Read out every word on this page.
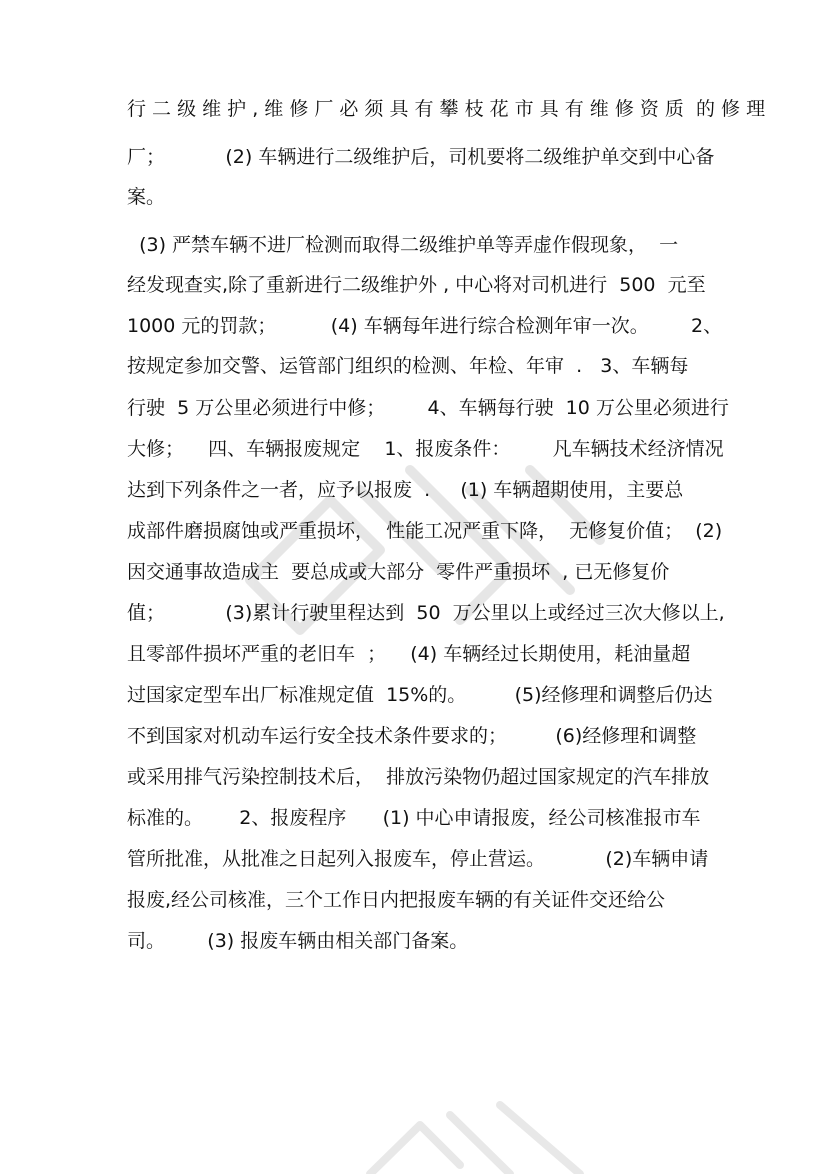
行 二 级 维 护 , 维 修 厂 必 须 具 有 攀 枝 花 市 具 有 维 修 资 质  的 修 理
厂；          (2) 车辆进行二级维护后，司机要将二级维护单交到中心备
案。
(3) 严禁车辆不进厂检测而取得二级维护单等弄虚作假现象，  一
经发现查实,除了重新进行二级维护外 , 中心将对司机进行  500  元至
1000 元的罚款；         (4) 车辆每年进行综合检测年审一次。       2、
按规定参加交警、运管部门组织的检测、年检、年审  .   3、车辆每
行驶  5 万公里必须进行中修；       4、车辆每行驶  10 万公里必须进行
大修；    四、车辆报废规定    1、报废条件：       凡车辆技术经济情况
达到下列条件之一者，应予以报废  .     (1) 车辆超期使用，主要总
成部件磨损腐蚀或严重损坏，  性能工况严重下降，  无修复价值；  (2)
因交通事故造成主  要总成或大部分  零件严重损坏  , 已无修复价
值；          (3)累计行驶里程达到  50  万公里以上或经过三次大修以上,
且零部件损坏严重的老旧车  ；    (4) 车辆经过长期使用，耗油量超
过国家定型车出厂标准规定值  15%的。        (5)经修理和调整后仍达
不到国家对机动车运行安全技术条件要求的；        (6)经修理和调整
或采用排气污染控制技术后，  排放污染物仍超过国家规定的汽车排放
标准的。      2、报废程序      (1) 中心申请报废，经公司核准报市车
管所批准，从批准之日起列入报废车，停止营运。          (2)车辆申请
报废,经公司核准，三个工作日内把报废车辆的有关证件交还给公
司。       (3) 报废车辆由相关部门备案。
